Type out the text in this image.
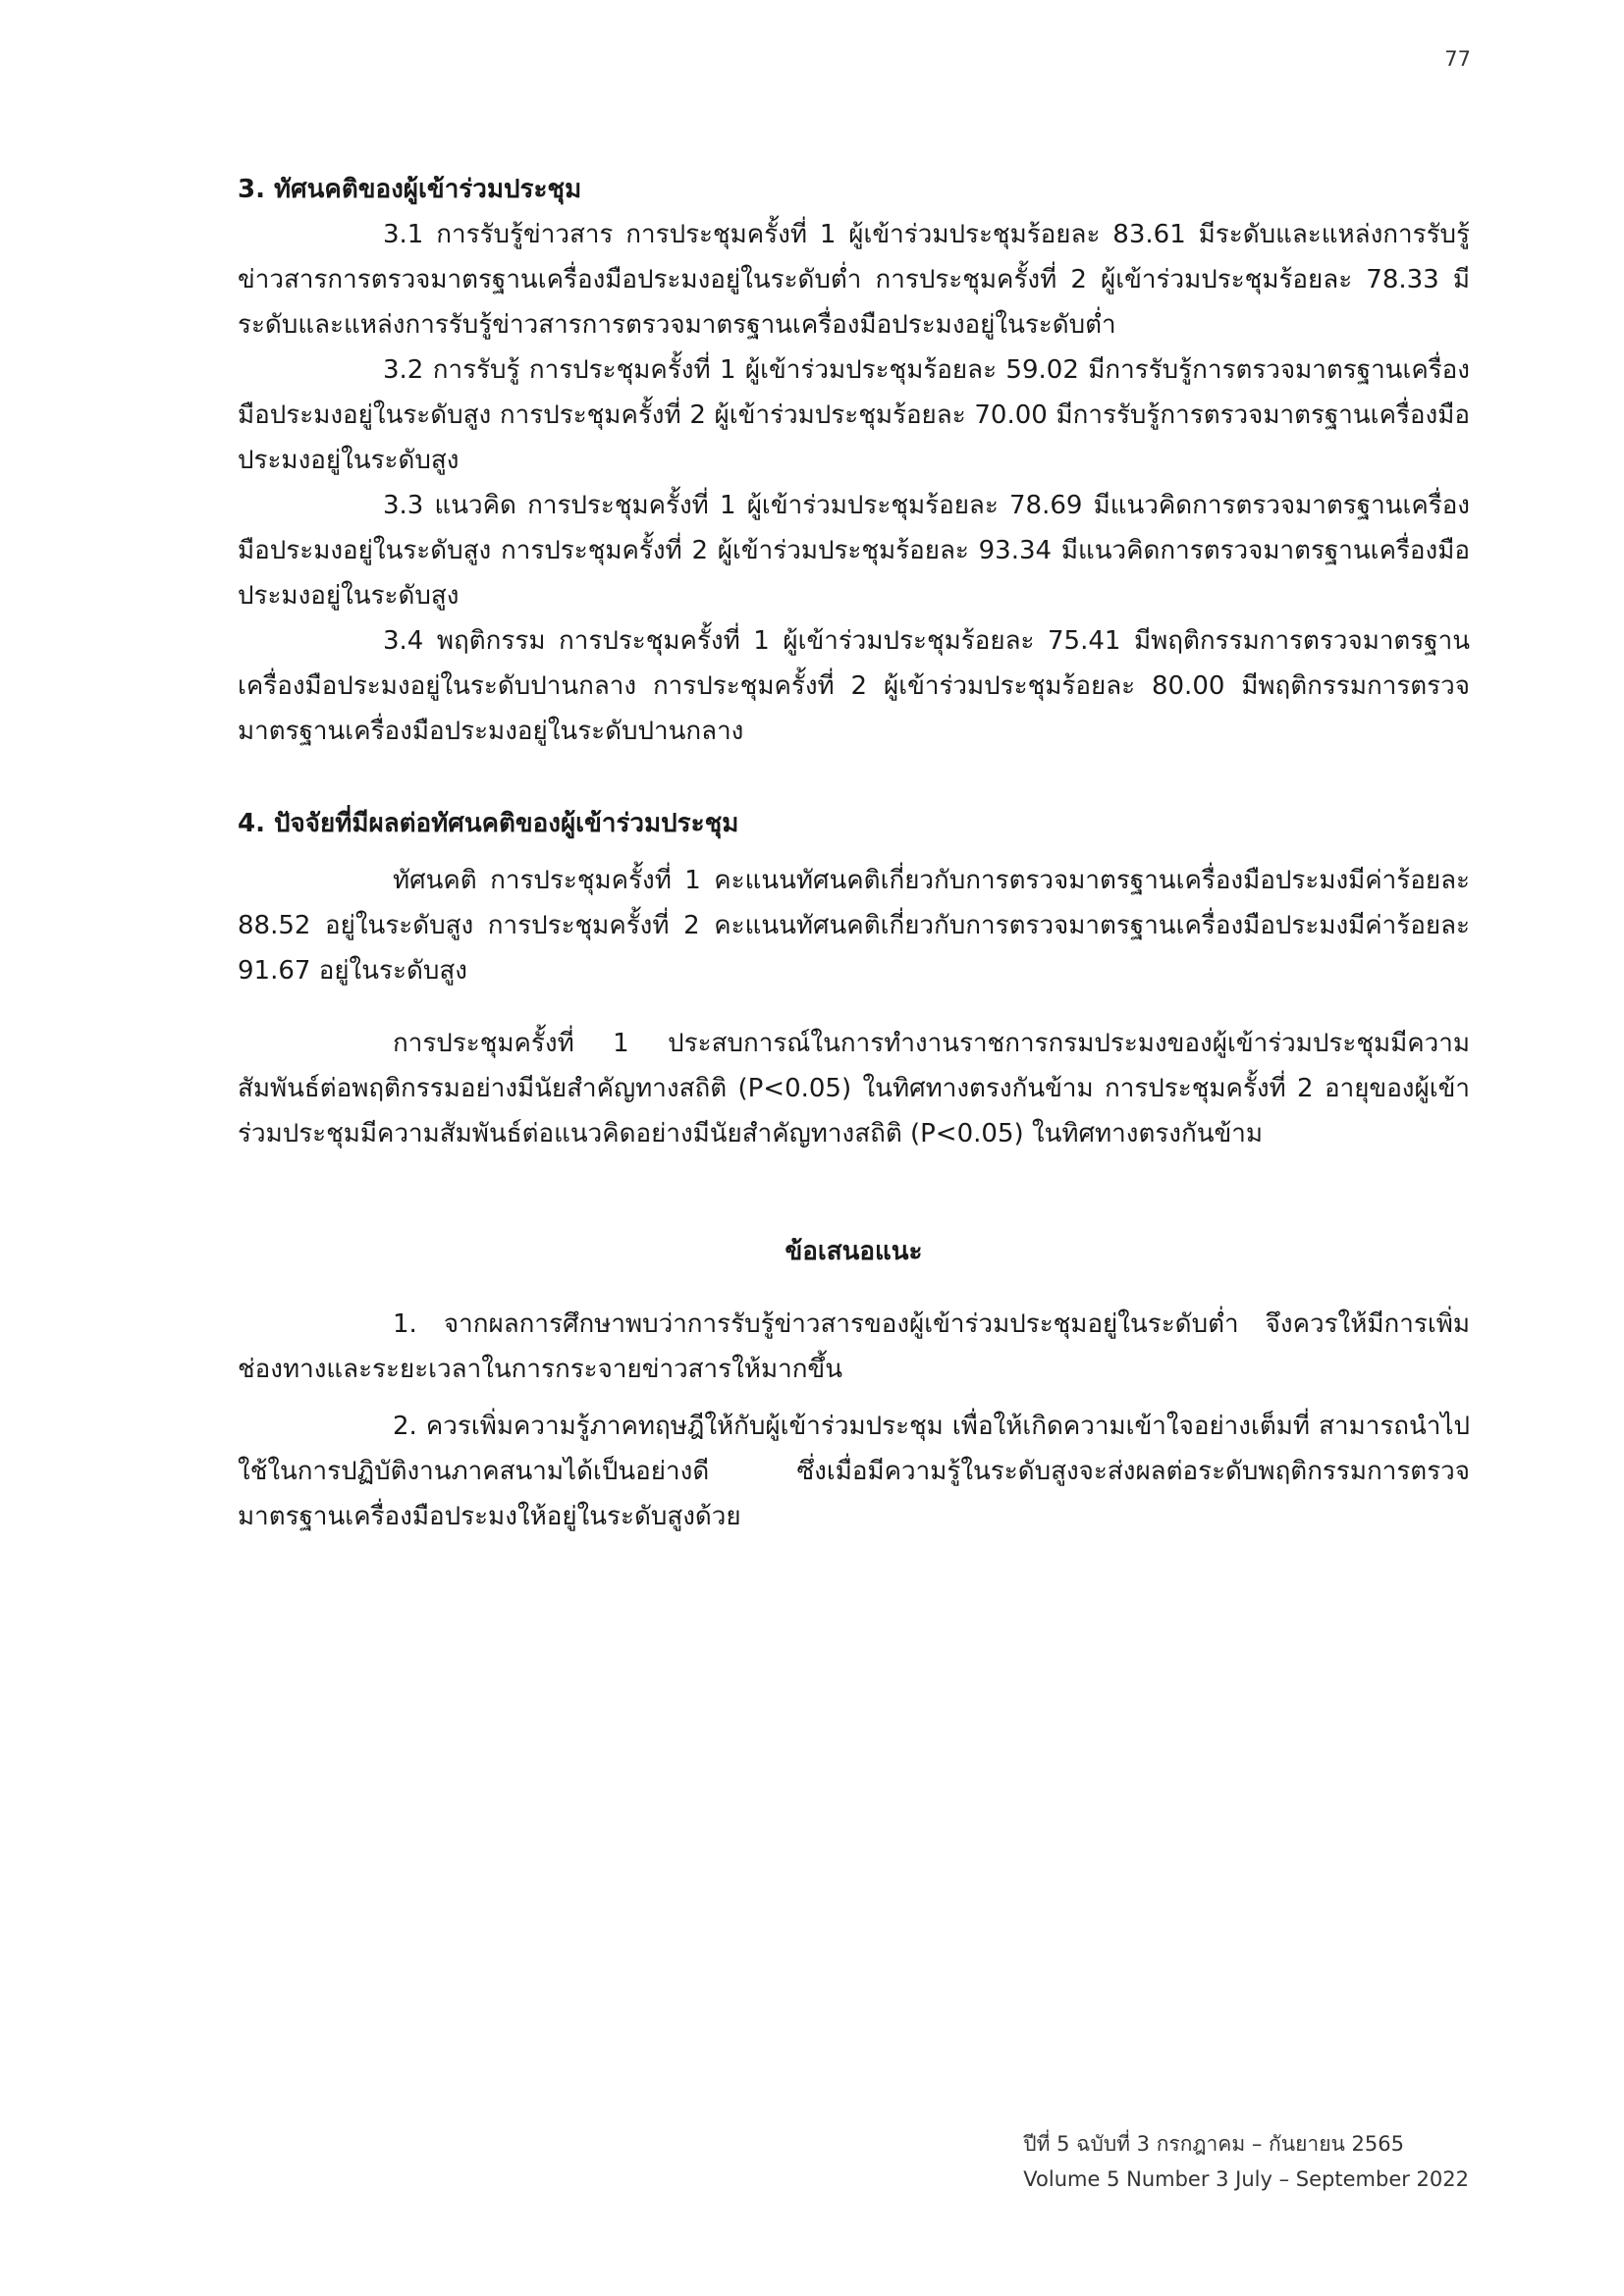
77

3. ทัศนคติของผู้เข้าร่วมประชุม

3.1 การรับรู้ข่าวสาร การประชุมครั้งที่ 1 ผู้เข้าร่วมประชุมร้อยละ 83.61 มีระดับและแหล่งการรับรู้ข่าวสารการตรวจมาตรฐานเครื่องมือประมงอยู่ในระดับต่ำ การประชุมครั้งที่ 2 ผู้เข้าร่วมประชุมร้อยละ 78.33 มีระดับและแหล่งการรับรู้ข่าวสารการตรวจมาตรฐานเครื่องมือประมงอยู่ในระดับต่ำ

3.2 การรับรู้ การประชุมครั้งที่ 1 ผู้เข้าร่วมประชุมร้อยละ 59.02 มีการรับรู้การตรวจมาตรฐานเครื่องมือประมงอยู่ในระดับสูง การประชุมครั้งที่ 2 ผู้เข้าร่วมประชุมร้อยละ 70.00 มีการรับรู้การตรวจมาตรฐานเครื่องมือประมงอยู่ในระดับสูง

3.3 แนวคิด การประชุมครั้งที่ 1 ผู้เข้าร่วมประชุมร้อยละ 78.69 มีแนวคิดการตรวจมาตรฐานเครื่องมือประมงอยู่ในระดับสูง การประชุมครั้งที่ 2 ผู้เข้าร่วมประชุมร้อยละ 93.34 มีแนวคิดการตรวจมาตรฐานเครื่องมือประมงอยู่ในระดับสูง

3.4 พฤติกรรม การประชุมครั้งที่ 1 ผู้เข้าร่วมประชุมร้อยละ 75.41 มีพฤติกรรมการตรวจมาตรฐานเครื่องมือประมงอยู่ในระดับปานกลาง การประชุมครั้งที่ 2 ผู้เข้าร่วมประชุมร้อยละ 80.00 มีพฤติกรรมการตรวจมาตรฐานเครื่องมือประมงอยู่ในระดับปานกลาง

4. ปัจจัยที่มีผลต่อทัศนคติของผู้เข้าร่วมประชุม

ทัศนคติ การประชุมครั้งที่ 1 คะแนนทัศนคติเกี่ยวกับการตรวจมาตรฐานเครื่องมือประมงมีค่าร้อยละ 88.52 อยู่ในระดับสูง การประชุมครั้งที่ 2 คะแนนทัศนคติเกี่ยวกับการตรวจมาตรฐานเครื่องมือประมงมีค่าร้อยละ 91.67 อยู่ในระดับสูง

การประชุมครั้งที่ 1 ประสบการณ์ในการทำงานราชการกรมประมงของผู้เข้าร่วมประชุมมีความสัมพันธ์ต่อพฤติกรรมอย่างมีนัยสำคัญทางสถิติ (P<0.05) ในทิศทางตรงกันข้าม การประชุมครั้งที่ 2 อายุของผู้เข้าร่วมประชุมมีความสัมพันธ์ต่อแนวคิดอย่างมีนัยสำคัญทางสถิติ (P<0.05) ในทิศทางตรงกันข้าม

ข้อเสนอแนะ

1. จากผลการศึกษาพบว่าการรับรู้ข่าวสารของผู้เข้าร่วมประชุมอยู่ในระดับต่ำ จึงควรให้มีการเพิ่มช่องทางและระยะเวลาในการกระจายข่าวสารให้มากขึ้น

2. ควรเพิ่มความรู้ภาคทฤษฎีให้กับผู้เข้าร่วมประชุม เพื่อให้เกิดความเข้าใจอย่างเต็มที่ สามารถนำไปใช้ในการปฏิบัติงานภาคสนามได้เป็นอย่างดี ซึ่งเมื่อมีความรู้ในระดับสูงจะส่งผลต่อระดับพฤติกรรมการตรวจมาตรฐานเครื่องมือประมงให้อยู่ในระดับสูงด้วย

ปีที่ 5 ฉบับที่ 3 กรกฎาคม – กันยายน 2565
Volume 5 Number 3 July – September 2022
